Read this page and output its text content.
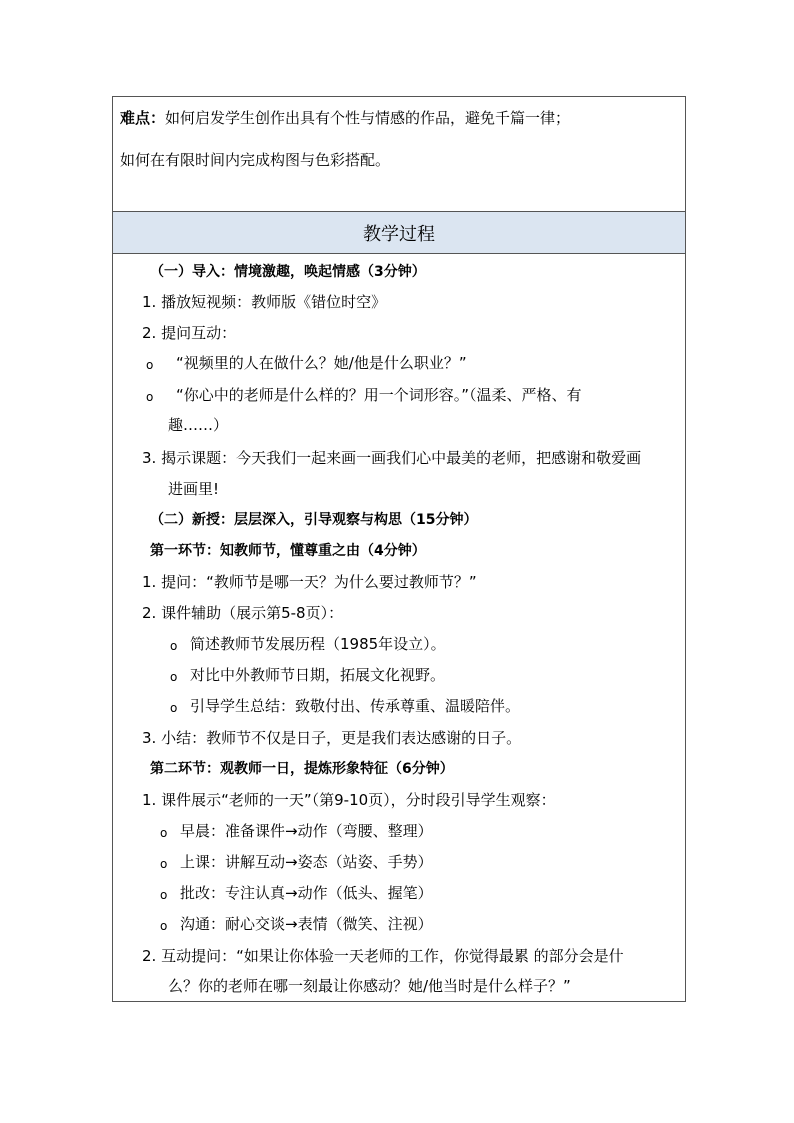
教学过程
难点：如何启发学生创作出具有个性与情感的作品，避免千篇一律；
如何在有限时间内完成构图与色彩搭配。
（一）导入：情境激趣，唤起情感（3分钟）
1. 播放短视频：教师版《错位时空》
2. 提问互动：
o “视频里的人在做什么？她/他是什么职业？”
o “你心中的老师是什么样的？用一个词形容。”（温柔、严格、有
趣……）
3. 揭示课题：今天我们一起来画一画我们心中最美的老师，把感谢和敬爱画
进画里!
（二）新授：层层深入，引导观察与构思（15分钟）
第一环节：知教师节，懂尊重之由（4分钟）
1. 提问：“教师节是哪一天？为什么要过教师节？”
2. 课件辅助（展示第5-8页）：
o 简述教师节发展历程（1985年设立）。
o 对比中外教师节日期，拓展文化视野。
o 引导学生总结：致敬付出、传承尊重、温暖陪伴。
3. 小结：教师节不仅是日子，更是我们表达感谢的日子。
第二环节：观教师一日，提炼形象特征（6分钟）
1. 课件展示“老师的一天”（第9-10页），分时段引导学生观察：
o 早晨：准备课件→动作（弯腰、整理）
o 上课：讲解互动→姿态（站姿、手势）
o 批改：专注认真→动作（低头、握笔）
o 沟通：耐心交谈→表情（微笑、注视）
2. 互动提问：“如果让你体验一天老师的工作，你觉得最累 的部分会是什
么？你的老师在哪一刻最让你感动？她/他当时是什么样子？”
